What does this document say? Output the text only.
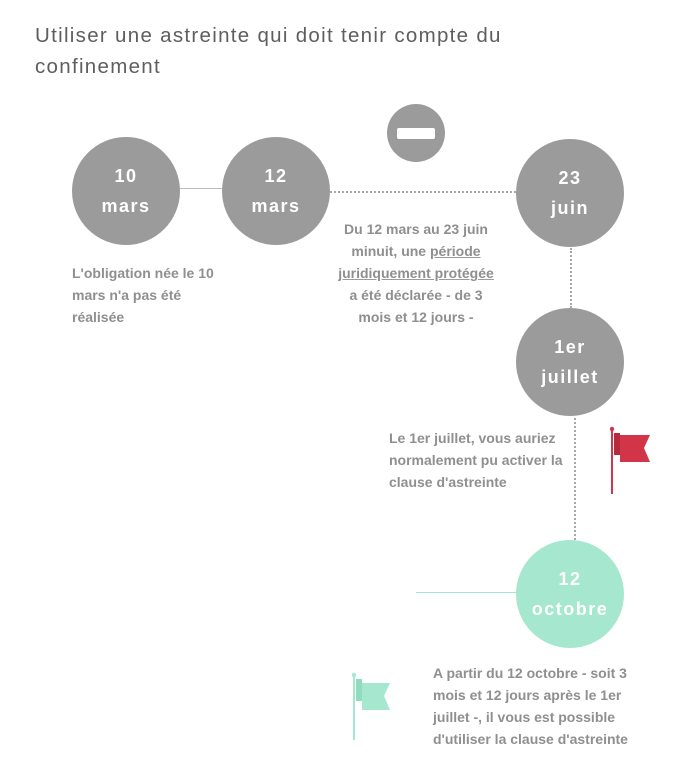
Utiliser une astreinte qui doit tenir compte du confinement
10
mars
12
mars
23
juin
1er
juillet
12
octobre

L'obligation née le 10 mars n'a pas été réalisée

Du 12 mars au 23 juin minuit, une période juridiquement protégée a été déclarée - de 3 mois et 12 jours -

Le 1er juillet, vous auriez normalement pu activer la clause d'astreinte

A partir du 12 octobre - soit 3 mois et 12 jours après le 1er juillet -, il vous est possible d'utiliser la clause d'astreinte
